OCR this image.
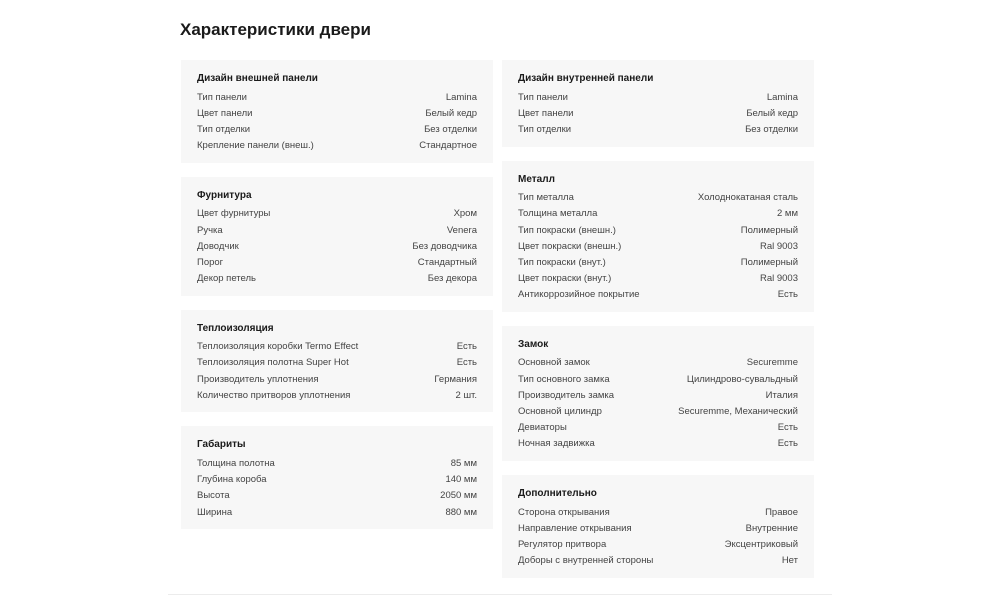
Характеристики двери
Дизайн внешней панели
Тип панели	Lamina
Цвет панели	Белый кедр
Тип отделки	Без отделки
Крепление панели (внеш.)	Стандартное
Фурнитура
Цвет фурнитуры	Хром
Ручка	Venera
Доводчик	Без доводчика
Порог	Стандартный
Декор петель	Без декора
Теплоизоляция
Теплоизоляция коробки Termo Effect	Есть
Теплоизоляция полотна Super Hot	Есть
Производитель уплотнения	Германия
Количество притворов уплотнения	2 шт.
Габариты
Толщина полотна	85 мм
Глубина короба	140 мм
Высота	2050 мм
Ширина	880 мм
Дизайн внутренней панели
Тип панели	Lamina
Цвет панели	Белый кедр
Тип отделки	Без отделки
Металл
Тип металла	Холоднокатаная сталь
Толщина металла	2 мм
Тип покраски (внешн.)	Полимерный
Цвет покраски (внешн.)	Ral 9003
Тип покраски (внут.)	Полимерный
Цвет покраски (внут.)	Ral 9003
Антикоррозийное покрытие	Есть
Замок
Основной замок	Securemme
Тип основного замка	Цилиндрово-сувальдный
Производитель замка	Италия
Основной цилиндр	Securemme, Механический
Девиаторы	Есть
Ночная задвижка	Есть
Дополнительно
Сторона открывания	Правое
Направление открывания	Внутренние
Регулятор притвора	Эксцентриковый
Доборы с внутренней стороны	Нет
